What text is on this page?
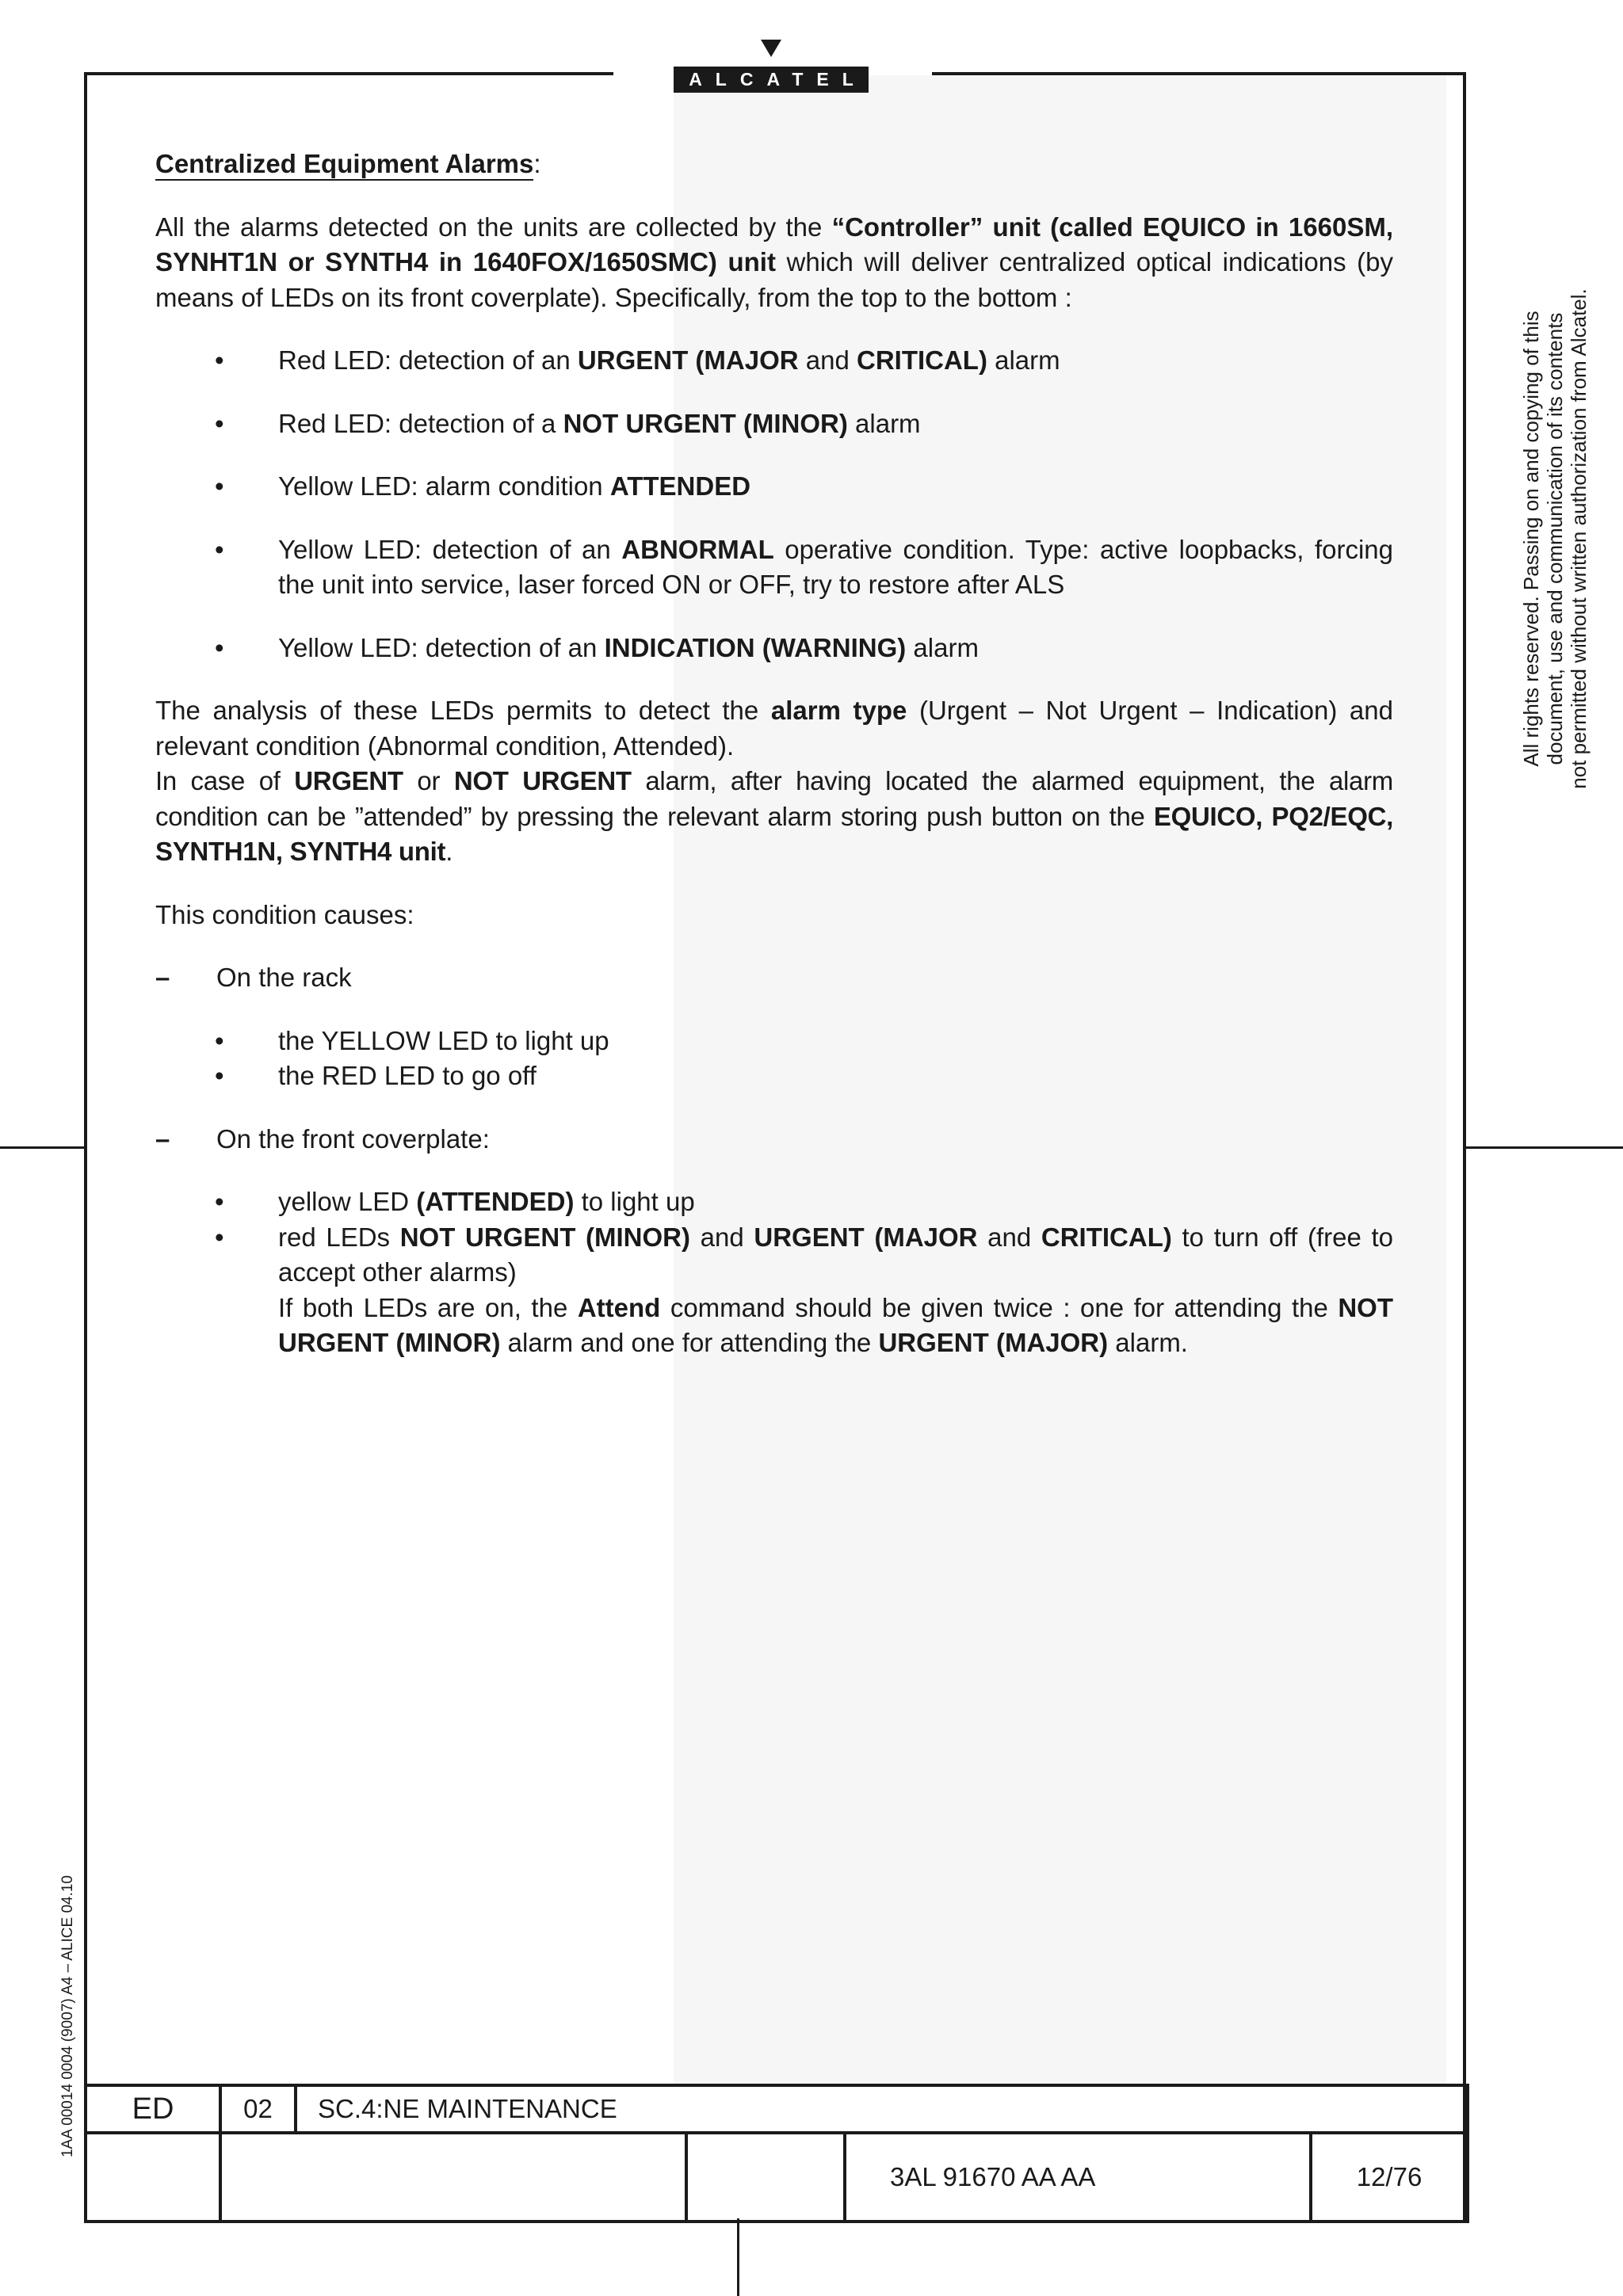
ALCATEL
All rights reserved. Passing on and copying of this document, use and communication of its contents not permitted without written authorization from Alcatel.
1AA 00014 0004 (9007) A4 – ALICE 04.10

Centralized Equipment Alarms:

All the alarms detected on the units are collected by the “Controller” unit (called EQUICO in 1660SM, SYNHT1N or SYNTH4 in 1640FOX/1650SMC) unit which will deliver centralized optical indications (by means of LEDs on its front coverplate). Specifically, from the top to the bottom :

• Red LED: detection of an URGENT (MAJOR and CRITICAL) alarm

• Red LED: detection of a NOT URGENT (MINOR) alarm

• Yellow LED: alarm condition ATTENDED

• Yellow LED: detection of an ABNORMAL operative condition. Type: active loopbacks, forcing the unit into service, laser forced ON or OFF, try to restore after ALS

• Yellow LED: detection of an INDICATION (WARNING) alarm

The analysis of these LEDs permits to detect the alarm type (Urgent – Not Urgent – Indication) and relevant condition (Abnormal condition, Attended).

In case of URGENT or NOT URGENT alarm, after having located the alarmed equipment, the alarm condition can be ”attended” by pressing the relevant alarm storing push button on the EQUICO, PQ2/EQC, SYNTH1N, SYNTH4 unit.

This condition causes:

– On the rack

• the YELLOW LED to light up

• the RED LED to go off

– On the front coverplate:

• yellow LED (ATTENDED) to light up

• red LEDs NOT URGENT (MINOR) and URGENT (MAJOR and CRITICAL) to turn off (free to accept other alarms)

If both LEDs are on, the Attend command should be given twice : one for attending the NOT URGENT (MINOR) alarm and one for attending the URGENT (MAJOR) alarm.

ED	02	SC.4:NE MAINTENANCE			
				3AL 91670 AA AA	12/76
